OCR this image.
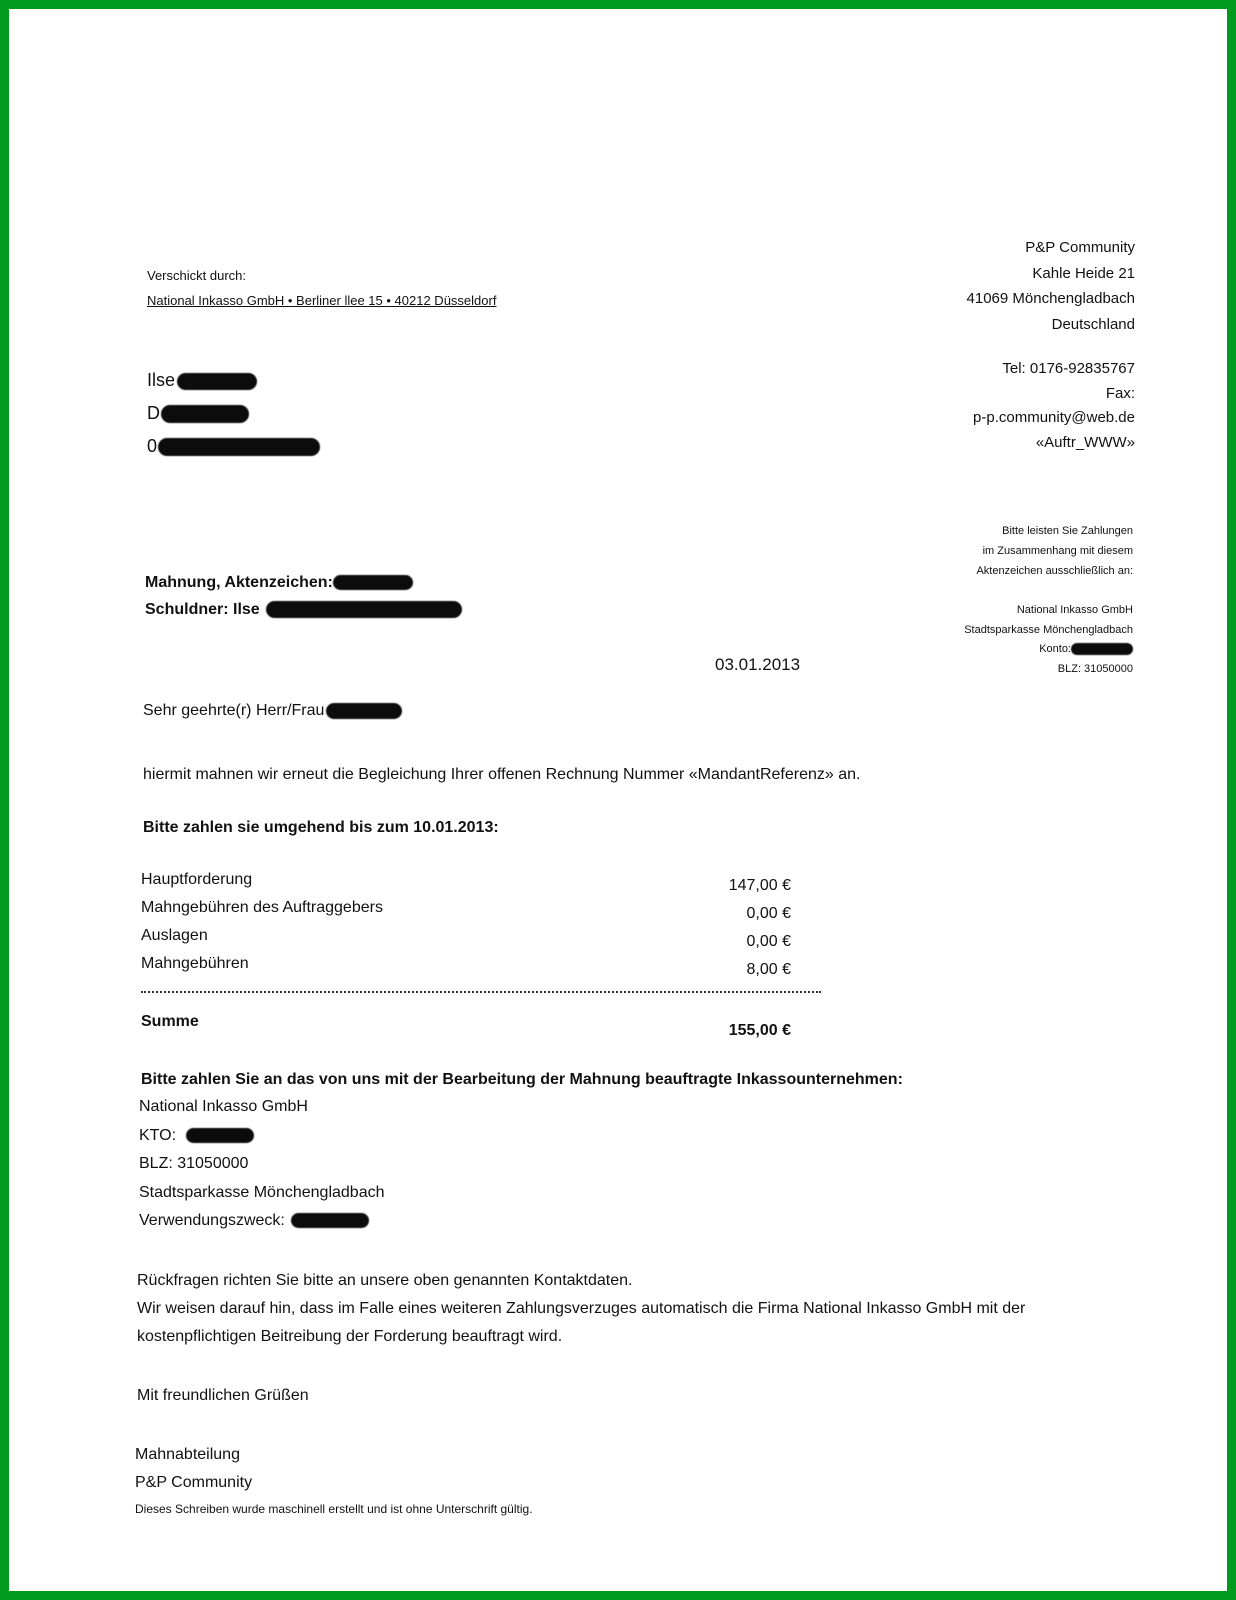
Verschickt durch:
National Inkasso GmbH • Berliner llee 15 • 40212 Düsseldorf
P&P Community
Kahle Heide 21
41069 Mönchengladbach
Deutschland
Tel: 0176-92835767
Fax:
p-p.community@web.de
«Auftr_WWW»
Ilse
D
0
Bitte leisten Sie Zahlungen
im Zusammenhang mit diesem
Aktenzeichen ausschließlich an:
National Inkasso GmbH
Stadtsparkasse Mönchengladbach
Konto:
BLZ: 31050000
Mahnung, Aktenzeichen:
Schuldner: Ilse
03.01.2013
Sehr geehrte(r) Herr/Frau
hiermit mahnen wir erneut die Begleichung Ihrer offenen Rechnung Nummer «MandantReferenz» an.
Bitte zahlen sie umgehend bis zum 10.01.2013:
Hauptforderung
Mahngebühren des Auftraggebers
Auslagen
Mahngebühren
147,00 €
0,00 €
0,00 €
8,00 €
Summe
155,00 €
Bitte zahlen Sie an das von uns mit der Bearbeitung der Mahnung beauftragte Inkassounternehmen:
National Inkasso GmbH
KTO:
BLZ: 31050000
Stadtsparkasse Mönchengladbach
Verwendungszweck:
Rückfragen richten Sie bitte an unsere oben genannten Kontaktdaten.
Wir weisen darauf hin, dass im Falle eines weiteren Zahlungsverzuges automatisch die Firma National Inkasso GmbH mit der kostenpflichtigen Beitreibung der Forderung beauftragt wird.
Mit freundlichen Grüßen
Mahnabteilung
P&P Community
Dieses Schreiben wurde maschinell erstellt und ist ohne Unterschrift gültig.
